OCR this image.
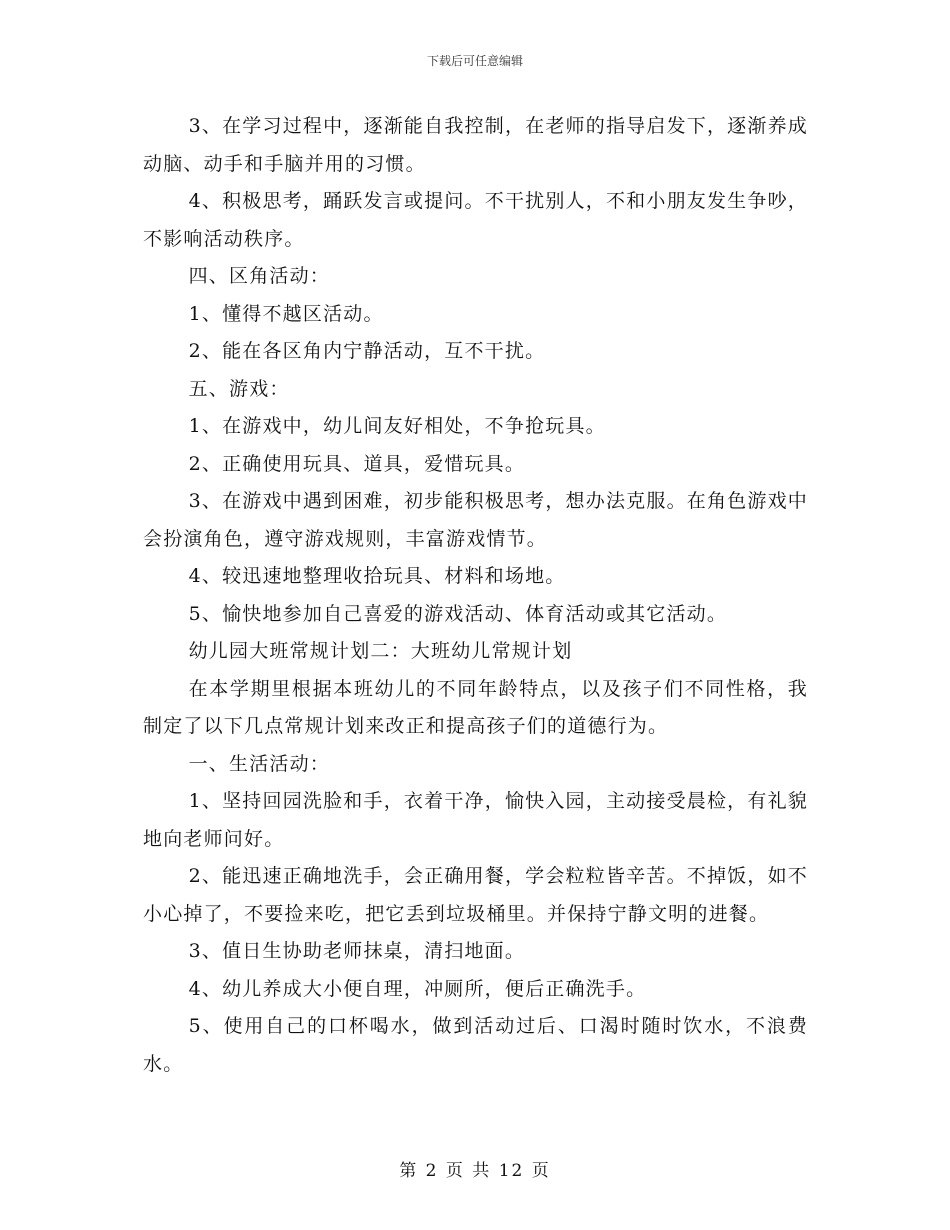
下载后可任意编辑

3、在学习过程中，逐渐能自我控制，在老师的指导启发下，逐渐养成动脑、动手和手脑并用的习惯。

4、积极思考，踊跃发言或提问。不干扰别人，不和小朋友发生争吵，不影响活动秩序。

四、区角活动：

1、懂得不越区活动。

2、能在各区角内宁静活动，互不干扰。

五、游戏：

1、在游戏中，幼儿间友好相处，不争抢玩具。

2、正确使用玩具、道具，爱惜玩具。

3、在游戏中遇到困难，初步能积极思考，想办法克服。在角色游戏中会扮演角色，遵守游戏规则，丰富游戏情节。

4、较迅速地整理收拾玩具、材料和场地。

5、愉快地参加自己喜爱的游戏活动、体育活动或其它活动。

幼儿园大班常规计划二：大班幼儿常规计划

在本学期里根据本班幼儿的不同年龄特点，以及孩子们不同性格，我制定了以下几点常规计划来改正和提高孩子们的道德行为。

一、生活活动：

1、坚持回园洗脸和手，衣着干净，愉快入园，主动接受晨检，有礼貌地向老师问好。

2、能迅速正确地洗手，会正确用餐，学会粒粒皆辛苦。不掉饭，如不小心掉了，不要捡来吃，把它丢到垃圾桶里。并保持宁静文明的进餐。

3、值日生协助老师抹桌，清扫地面。

4、幼儿养成大小便自理，冲厕所，便后正确洗手。

5、使用自己的口杯喝水，做到活动过后、口渴时随时饮水，不浪费水。

第 2 页 共 12 页
